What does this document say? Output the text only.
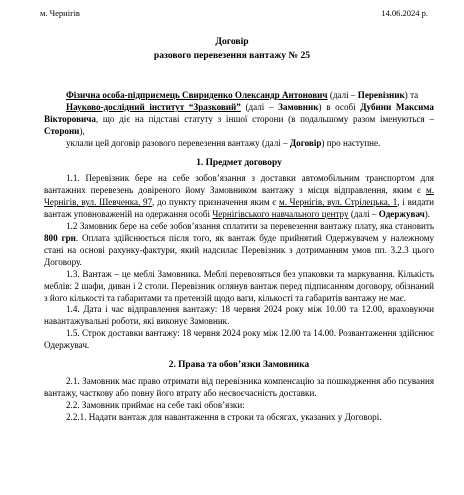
м. Чернігів	14.06.2024 р.
Договір
разового перевезення вантажу № 25

Фізична особа-підприємець Свириденко Олександр Антонович (далі – Перевізник) та

Науково-дослідний інститут “Зразковий” (далі – Замовник) в особі Дубини Максима Вікторовича, що діє на підставі статуту з іншої сторони (в подальшому разом іменуються – Сторони),

уклали цей договір разового перевезення вантажу (далі – Договір) про наступне.

1. Предмет договору

1.1. Перевізник бере на себе зобов’язання з доставки автомобільним транспортом для вантажних перевезень довіреного йому Замовником вантажу з місця відправлення, яким є м. Чернігів, вул. Шевченка, 97, до пункту призначення яким є м. Чернігів, вул. Стрілецька, 1, і видати вантаж уповноваженій на одержання особі Чернігівського навчального центру (далі – Одержувач).

1.2 Замовник бере на себе зобов’язання сплатити за перевезення вантажу плату, яка становить 800 грн. Оплата здійснюється після того, як вантаж буде прийнятий Одержувачем у належному стані на основі рахунку-фактури, який надсилає Перевізник з дотриманням умов пп. 3.2.3 цього Договору.

1.3. Вантаж – це меблі Замовника. Меблі перевозяться без упаковки та маркування. Кількість меблів: 2 шафи, диван і 2 столи. Перевізник оглянув вантаж перед підписанням договору, обізнаний з його кількості та габаритами та претензій щодо ваги, кількості та габаритів вантажу не має.

1.4. Дата і час відправлення вантажу: 18 червня 2024 року між 10.00 та 12.00, враховуючи навантажувальні роботи, які виконує Замовник.

1.5. Строк доставки вантажу: 18 червня 2024 року між 12.00 та 14.00. Розвантаження здійснює Одержувач.

2. Права та обов’язки Замовника

2.1. Замовник має право отримати від перевізника компенсацію за пошкодження або псування вантажу, часткову або повну його втрату або несвоєчасність доставки.

2.2. Замовник приймає на себе такі обов’язки:

2.2.1. Надати вантаж для навантаження в строки та обсягах, указаних у Договорі.
